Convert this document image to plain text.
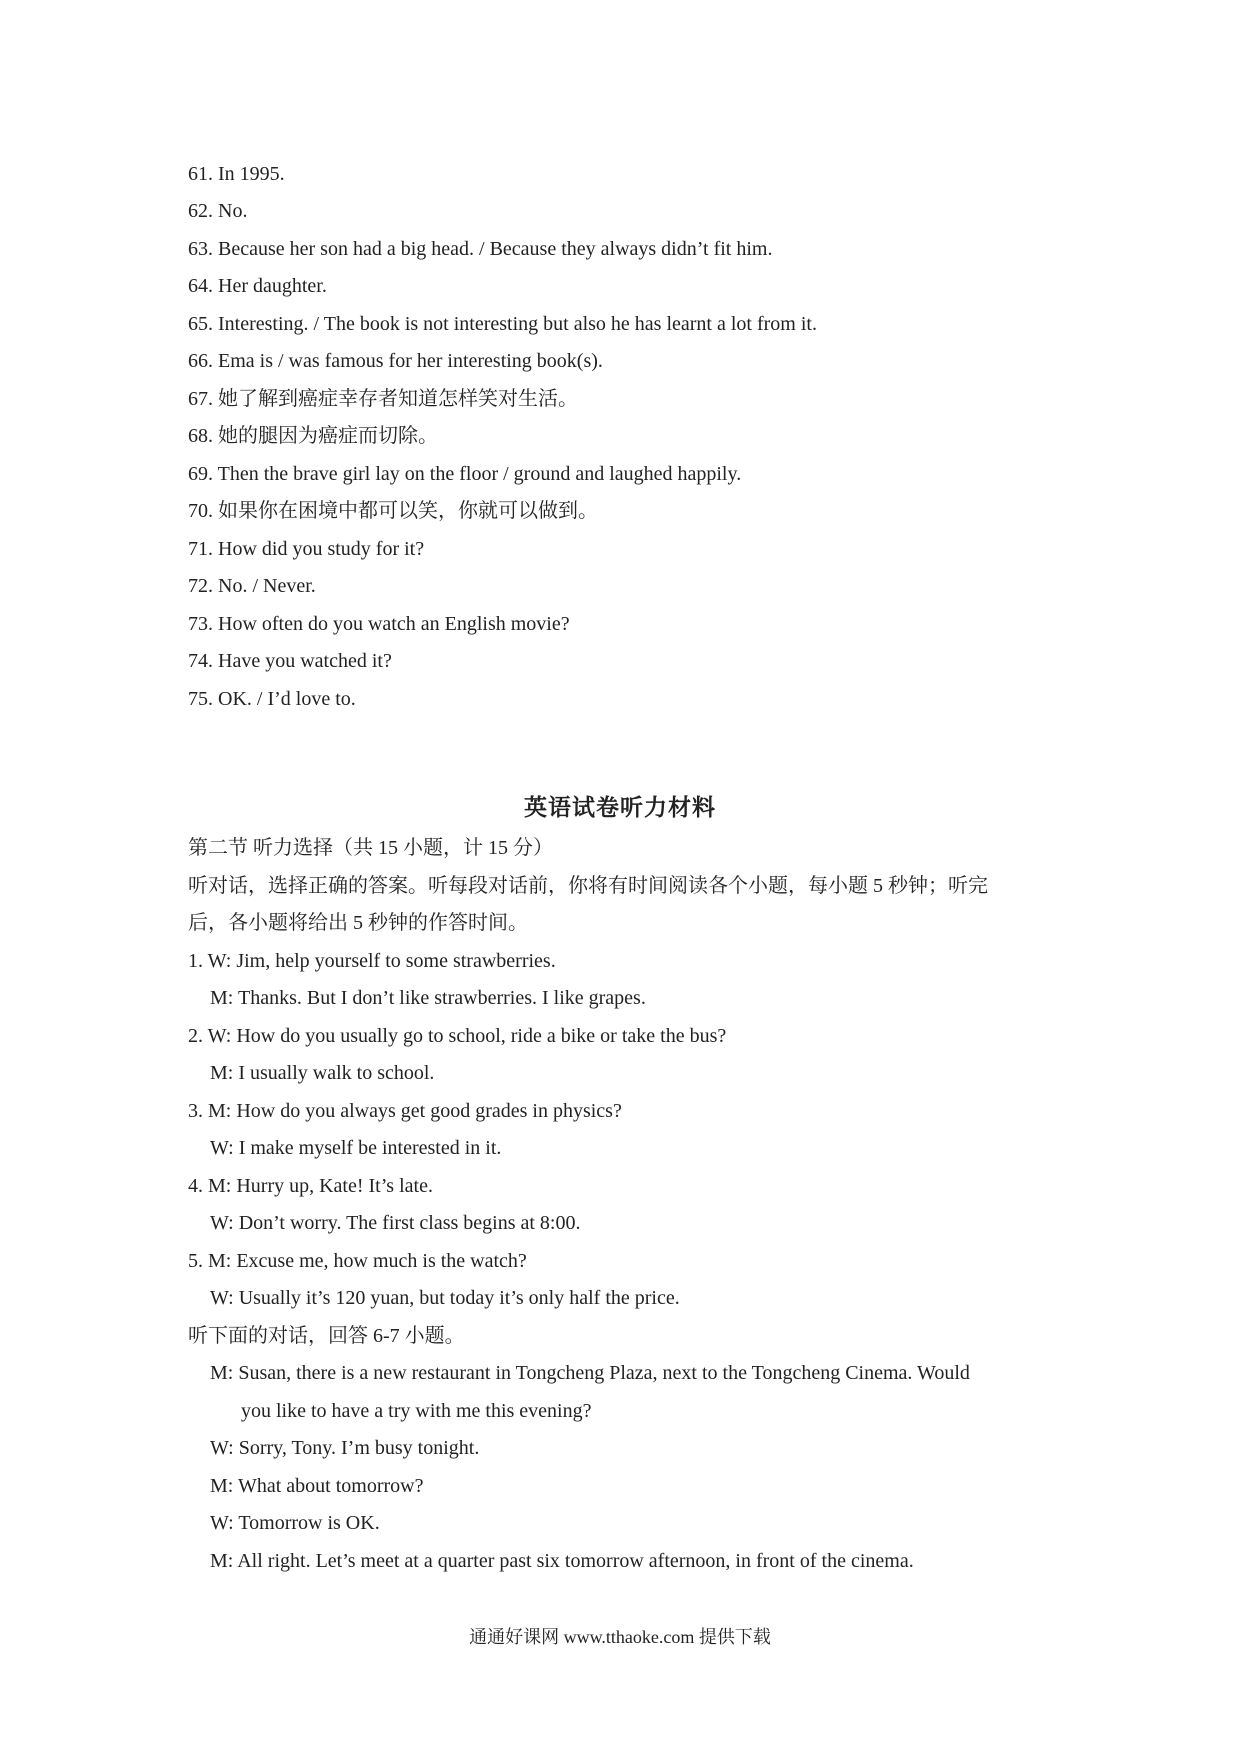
61. In 1995.
62. No.
63. Because her son had a big head. / Because they always didn’t fit him.
64. Her daughter.
65. Interesting. / The book is not interesting but also he has learnt a lot from it.
66. Ema is / was famous for her interesting book(s).
67. 她了解到癌症幸存者知道怎样笑对生活。
68. 她的腿因为癌症而切除。
69. Then the brave girl lay on the floor / ground and laughed happily.
70. 如果你在困境中都可以笑，你就可以做到。
71. How did you study for it?
72. No. / Never.
73. How often do you watch an English movie?
74. Have you watched it?
75. OK. / I’d love to.
英语试卷听力材料
第二节 听力选择（共 15 小题，计 15 分）
听对话，选择正确的答案。听每段对话前，你将有时间阅读各个小题，每小题 5 秒钟；听完
后，各小题将给出 5 秒钟的作答时间。
1. W: Jim, help yourself to some strawberries.
M: Thanks. But I don’t like strawberries. I like grapes.
2. W: How do you usually go to school, ride a bike or take the bus?
M: I usually walk to school.
3. M: How do you always get good grades in physics?
W: I make myself be interested in it.
4. M: Hurry up, Kate! It’s late.
W: Don’t worry. The first class begins at 8:00.
5. M: Excuse me, how much is the watch?
W: Usually it’s 120 yuan, but today it’s only half the price.
听下面的对话，回答 6-7 小题。
M: Susan, there is a new restaurant in Tongcheng Plaza, next to the Tongcheng Cinema. Would
you like to have a try with me this evening?
W: Sorry, Tony. I’m busy tonight.
M: What about tomorrow?
W: Tomorrow is OK.
M: All right. Let’s meet at a quarter past six tomorrow afternoon, in front of the cinema.
通通好课网 www.tthaoke.com 提供下载
